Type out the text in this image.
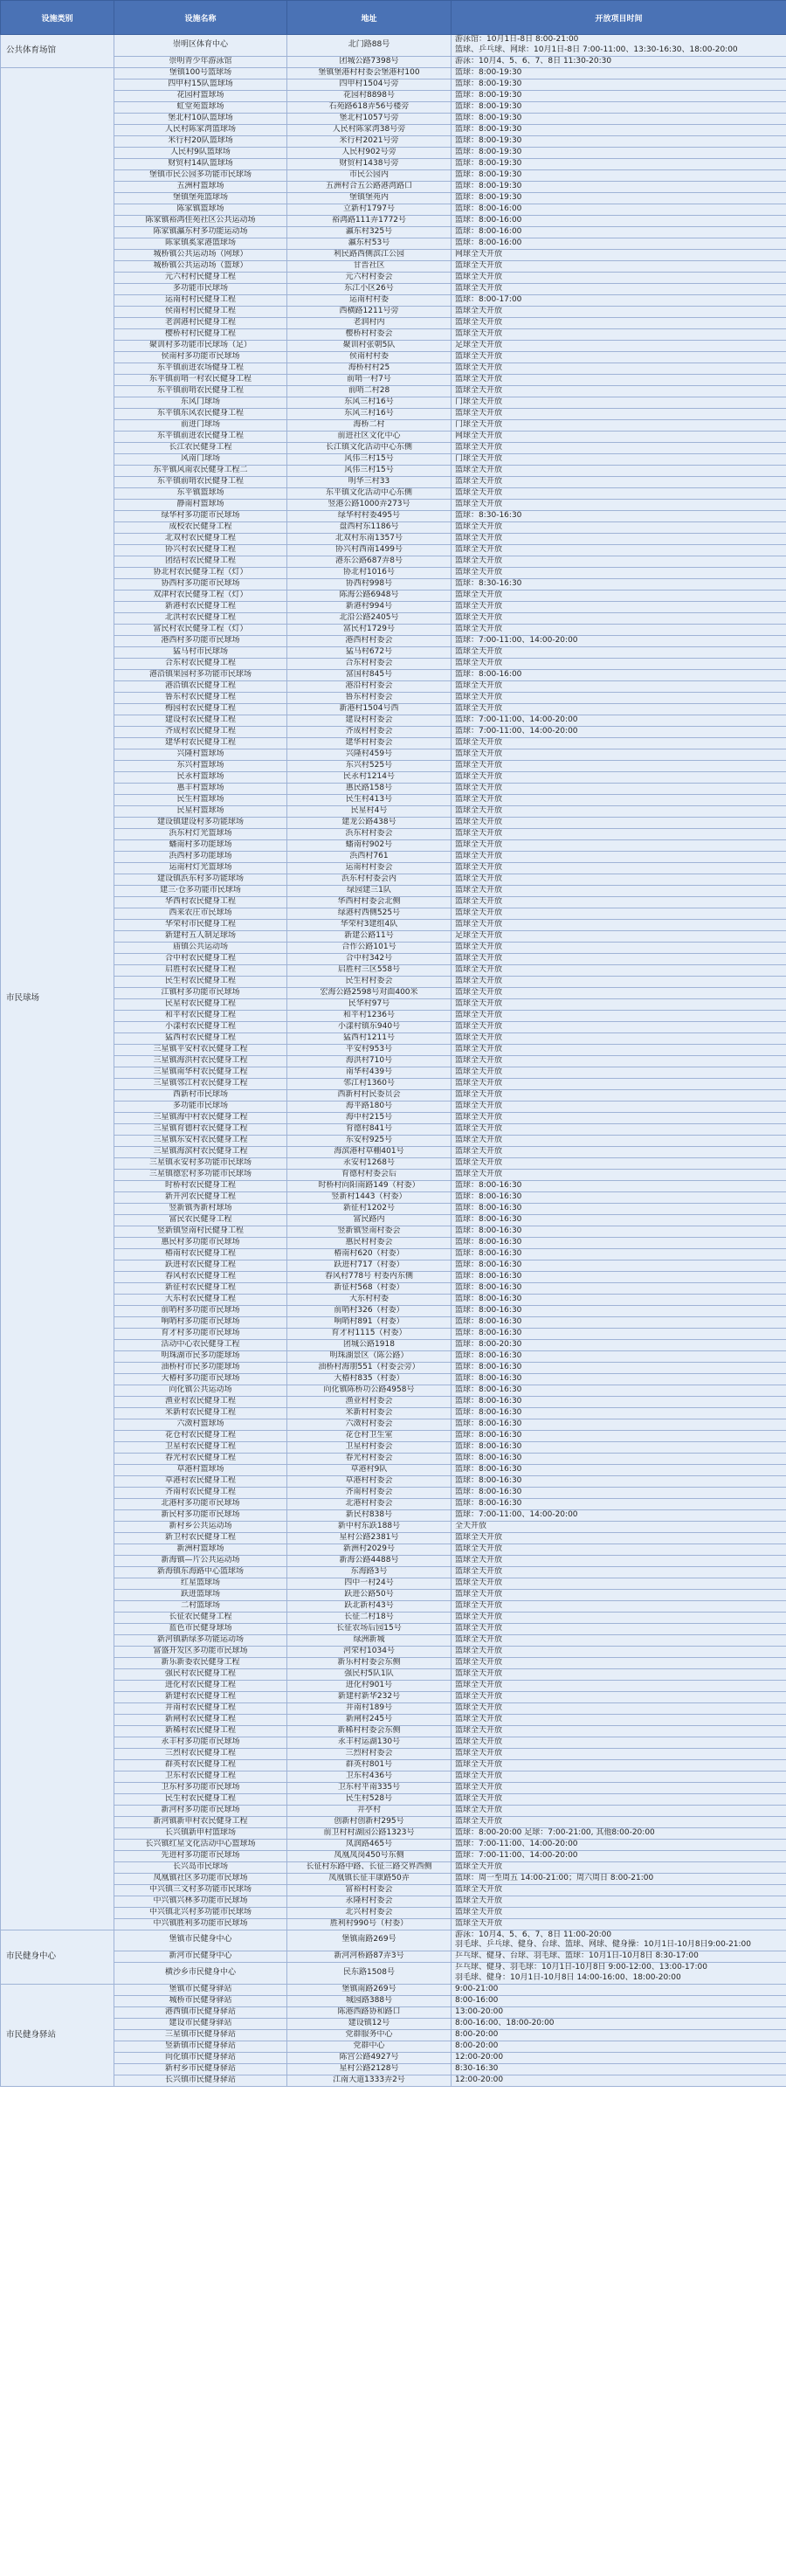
设施类别	设施名称	地址	开放项目时间
公共体育场馆	崇明区体育中心	北门路88号	游泳馆：10月1日-8日 8:00-21:00
篮球、乒乓球、网球：10月1日-8日 7:00-11:00、13:30-16:30、18:00-20:00
	崇明青少年游泳馆	团城公路7398号	游泳：10月4、5、6、7、8日 11:30-20:30
市民球场	堡镇100号篮球场	堡镇堡港村村委会堡港村100	篮球：8:00-19:30
	四甲村15队篮球场	四甲村1504号旁	篮球：8:00-19:30
	花园村篮球场	花园村8898号	篮球：8:00-19:30
	虹堂苑篮球场	石苑路618弄56号楼旁	篮球：8:00-19:30
	堡北村10队篮球场	堡北村1057号旁	篮球：8:00-19:30
	人民村陈家湾篮球场	人民村陈家湾38号旁	篮球：8:00-19:30
	米行村20队篮球场	米行村2021号旁	篮球：8:00-19:30
	人民村9队篮球场	人民村902号旁	篮球：8:00-19:30
	财贸村14队篮球场	财贸村1438号旁	篮球：8:00-19:30
	堡镇市民公园多功能市民球场	市民公园内	篮球：8:00-19:30
	五洲村篮球场	五洲村合五公路港湾路口	篮球：8:00-19:30
	堡镇堡苑篮球场	堡镇堡苑内	篮球：8:00-19:30
	陈家镇篮球场	立新村1797号	篮球：8:00-16:00
	陈家镇裕鸿佳苑社区公共运动场	裕鸿路111弄1772号	篮球：8:00-16:00
	陈家镇瀛东村多功能运动场	瀛东村325号	篮球：8:00-16:00
	陈家镇奚家港篮球场	瀛东村53号	篮球：8:00-16:00
	城桥镇公共运动场（网球）	利民路西侧滨江公园	网球全天开放
	城桥镇公共运动场（篮球）	甘晋社区	篮球全天开放
	元六村村民健身工程	元六村村委会	篮球全天开放
	多功能市民球场	东江小区26号	篮球全天开放
	运南村村民健身工程	运南村村委	篮球：8:00-17:00
	侯南村村民健身工程	西横路1211号旁	篮球全天开放
	老润港村民健身工程	老润村内	篮球全天开放
	樱桥村村民健身工程	樱桥村村委会	篮球全天开放
	聚训村多功能市民球场（足）	聚训村张朝5队	足球全天开放
	侯南村多功能市民球场	侯南村村委	篮球全天开放
	东平镇前进农场健身工程	海桥村村25	篮球全天开放
	东平镇前哨一村农民健身工程	前哨一村7号	篮球全天开放
	东平镇前哨农民健身工程	前哨二村28	篮球全天开放
	东风门球场	东风三村16号	门球全天开放
	东平镇东风农民健身工程	东风三村16号	篮球全天开放
	前进门球场	海桥二村	门球全天开放
	东平镇前进农民健身工程	前进社区文化中心	网球全天开放
	长江农民健身工程	长江镇文化活动中心东侧	篮球全天开放
	风南门球场	风伟三村15号	门球全天开放
	东平镇风南农民健身工程二	风伟三村15号	篮球全天开放
	东平镇前哨农民健身工程	明华三村33	篮球全天开放
	东平镇篮球场	东平镇文化活动中心东侧	篮球全天开放
	静南村篮球场	竖港公路1000弄273号	篮球全天开放
	绿华村多功能市民球场	绿华村村委495号	篮球：8:30-16:30
	成校农民健身工程	盘西村东1186号	篮球全天开放
	北双村农民健身工程	北双村东南1357号	篮球全天开放
	协兴村农民健身工程	协兴村西南1499号	篮球全天开放
	团结村农民健身工程	港东公路687弄8号	篮球全天开放
	协北村农民健身工程（灯）	协北村1016号	篮球全天开放
	协西村多功能市民球场	协西村998号	篮球：8:30-16:30
	双津村农民健身工程（灯）	陈海公路6948号	篮球全天开放
	新港村农民健身工程	新港村994号	篮球全天开放
	北洪村农民健身工程	北沿公路2405号	篮球全天开放
	富民村农民健身工程（灯）	富民村1729号	篮球全天开放
	港西村多功能市民球场	港西村村委会	篮球：7:00-11:00、14:00-20:00
	猛马村市民球场	猛马村672号	篮球全天开放
	合东村农民健身工程	合东村村委会	篮球全天开放
	港沿镇果园村多功能市民球场	富国村845号	篮球：8:00-16:00
	港沿镇农民健身工程	港沿村村委会	篮球全天开放
	鲁东村农民健身工程	鲁东村村委会	篮球全天开放
	梅园村农民健身工程	新港村1504号西	篮球全天开放
	建设村农民健身工程	建设村村委会	篮球：7:00-11:00、14:00-20:00
	齐成村农民健身工程	齐成村村委会	篮球：7:00-11:00、14:00-20:00
	建华村农民健身工程	建华村村委会	篮球全天开放
	兴隆村篮球场	兴隆村459号	篮球全天开放
	东兴村篮球场	东兴村525号	篮球全天开放
	民永村篮球场	民永村1214号	篮球全天开放
	惠丰村篮球场	惠民路158号	篮球全天开放
	民生村篮球场	民生村413号	篮球全天开放
	民星村篮球场	民星村4号	篮球全天开放
	建设镇建设村多功能球场	建龙公路438号	篮球全天开放
	浜东村灯光篮球场	浜东村村委会	篮球全天开放
	蟠南村多功能球场	蟠南村902号	篮球全天开放
	浜西村多功能球场	浜西村761	篮球全天开放
	运南村灯光篮球场	运南村村委会	篮球全天开放
	建设镇浜东村多功能球场	浜东村村委会内	篮球全天开放
	建三·仓多功能市民球场	绿园建三1队	篮球全天开放
	华西村农民健身工程	华西村村委会北侧	篮球全天开放
	西来农庄市民球场	绿港村西侧525号	篮球全天开放
	华荣村市民健身工程	华荣村3建组4队	篮球全天开放
	新建村五人制足球场	新建公路11号	足球全天开放
	庙镇公共运动场	合作公路101号	篮球全天开放
	合中村农民健身工程	合中村342号	篮球全天开放
	启胜村农民健身工程	启胜村三区558号	篮球全天开放
	民生村农民健身工程	民生村村委会	篮球全天开放
	江镇村多功能市民球场	宏海公路2598号对面400米	篮球全天开放
	民星村农民健身工程	民华村97号	篮球全天开放
	和平村农民健身工程	和平村1236号	篮球全天开放
	小漾村农民健身工程	小漾村镇东940号	篮球全天开放
	猛西村农民健身工程	猛西村1211号	篮球全天开放
	三星镇平安村农民健身工程	平安村953号	篮球全天开放
	三星镇海洪村农民健身工程	海洪村710号	篮球全天开放
	三星镇南华村农民健身工程	南华村439号	篮球全天开放
	三星镇邻江村农民健身工程	邻江村1360号	篮球全天开放
	西新村市民球场	西新村村民委员会	篮球全天开放
	多功能市民球场	海平路180号	篮球全天开放
	三星镇海中村农民健身工程	海中村215号	篮球全天开放
	三星镇育德村农民健身工程	育德村841号	篮球全天开放
	三星镇东安村农民健身工程	东安村925号	篮球全天开放
	三星镇海滨村农民健身工程	海滨港村草棚401号	篮球全天开放
	三星镇永安村多功能市民球场	永安村1268号	篮球全天开放
	三星镇德宏村多功能市民球场	育德村村委会后	篮球全天开放
	时桥村农民健身工程	时桥村向阳南路149（村委）	篮球：8:00-16:30
	新开河农民健身工程	竖新村1443（村委）	篮球：8:00-16:30
	竖新镇秀新村球场	新征村1202号	篮球：8:00-16:30
	富民农民健身工程	富民路内	篮球：8:00-16:30
	竖新镇竖南村民健身工程	竖新镇竖南村委会	篮球：8:00-16:30
	惠民村多功能市民球场	惠民村村委会	篮球：8:00-16:30
	椿南村农民健身工程	椿南村620（村委）	篮球：8:00-16:30
	跃进村农民健身工程	跃进村717（村委）	篮球：8:00-16:30
	春风村农民健身工程	春风村778号 村委内东侧	篮球：8:00-16:30
	新征村农民健身工程	新征村568（村委）	篮球：8:00-16:30
	大东村农民健身工程	大东村村委	篮球：8:00-16:30
	前哨村多功能市民球场	前哨村326（村委）	篮球：8:00-16:30
	响哨村多功能市民球场	响哨村891（村委）	篮球：8:00-16:30
	育才村多功能市民球场	育才村1115（村委）	篮球：8:00-16:30
	活动中心农民健身工程	团城公路1918	篮球：8:00-20:30
	明珠湖市民多功能球场	明珠湖景区（陈公路）	篮球：8:00-16:30
	油桥村市民多功能球场	油桥村海朋551（村委会旁）	篮球：8:00-16:30
	大椿村多功能市民球场	大椿村835（村委）	篮球：8:00-16:30
	向化镇公共运动场	向化镇陈桥功公路4958号	篮球：8:00-16:30
	渔业村农民健身工程	渔业村村委会	篮球：8:00-16:30
	米新村农民健身工程	米新村村委会	篮球：8:00-16:30
	六滧村篮球场	六滧村村委会	篮球：8:00-16:30
	花仓村农民健身工程	花仓村卫生室	篮球：8:00-16:30
	卫星村农民健身工程	卫星村村委会	篮球：8:00-16:30
	春光村农民健身工程	春光村村委会	篮球：8:00-16:30
	草港村篮球场	草港村9队	篮球：8:00-16:30
	草港村农民健身工程	草港村村委会	篮球：8:00-16:30
	齐南村农民健身工程	齐南村村委会	篮球：8:00-16:30
	北港村多功能市民球场	北港村村委会	篮球：8:00-16:30
	新民村多功能市民球场	新民村838号	篮球：7:00-11:00、14:00-20:00
	新村乡公共运动场	新中村东跃188号	全天开放
	新卫村农民健身工程	星村公路2381号	篮球全天开放
	新洲村篮球场	新洲村2029号	篮球全天开放
	新海镇—片公共运动场	新海公路4488号	篮球全天开放
	新海镇东海路中心篮球场	东海路3号	篮球全天开放
	红星篮球场	四中一村24号	篮球全天开放
	跃进篮球场	跃进公路50号	篮球全天开放
	二村篮球场	跃北新村43号	篮球全天开放
	长征农民健身工程	长征二村18号	篮球全天开放
	蓝色市民健身球场	长征农场后园15号	篮球全天开放
	新河镇新绿多功能运动场	绿洲新城	篮球全天开放
	富盛开发区多功能市民球场	河荣村1034号	篮球全天开放
	新乐新委农民健身工程	新乐村村委会东侧	篮球全天开放
	强民村农民健身工程	强民村5队1队	篮球全天开放
	进化村农民健身工程	进化村901号	篮球全天开放
	新建村农民健身工程	新建村新华232号	篮球全天开放
	井南村农民健身工程	井南村189号	篮球全天开放
	新闸村农民健身工程	新闸村245号	篮球全天开放
	新稀村农民健身工程	新稀村村委会东侧	篮球全天开放
	永丰村多功能市民球场	永丰村运湖130号	篮球全天开放
	三烈村农民健身工程	三烈村村委会	篮球全天开放
	群英村农民健身工程	群英村801号	篮球全天开放
	卫东村农民健身工程	卫东村436号	篮球全天开放
	卫东村多功能市民球场	卫东村平南335号	篮球全天开放
	民生村农民健身工程	民生村528号	篮球全天开放
	新河村多功能市民球场	井亭村	篮球全天开放
	新河镇新申村农民健身工程	创新村创新村295号	篮球全天开放
	长兴镇新申村篮球场	前卫村村湖园公路1323号	篮球：8:00-20:00 足球：7:00-21:00, 其他8:00-20:00
	长兴镇红星文化活动中心篮球场	凤润路465号	篮球：7:00-11:00、14:00-20:00
	先进村多功能市民球场	凤凰凤岗450号东侧	篮球：7:00-11:00、14:00-20:00
	长兴岛市民球场	长征村东路中路、长征三路交界西侧	篮球全天开放
	凤凰镇社区多功能市民球场	凤凰镇长征丰康路50弄	篮球：周一至周五 14:00-21:00；周六周日 8:00-21:00
	中兴镇三文村多功能市民球场	富裕村村委会	篮球全天开放
	中兴镇兴林多功能市民球场	永隆村村委会	篮球全天开放
	中兴镇北兴村多功能市民球场	北兴村村委会	篮球全天开放
	中兴镇胜利多功能市民球场	胜利村990号（村委）	篮球全天开放
市民健身中心	堡镇市民健身中心	堡镇南路269号	游泳：10月4、5、6、7、8日 11:00-20:00
羽毛球、乒乓球、健身、台球、篮球、网球、健身操：10月1日-10月8日9:00-21:00
	新河市民健身中心	新河河桥路87弄3号	乒乓球、健身、台球、羽毛球、篮球：10月1日-10月8日 8:30-17:00
	横沙乡市民健身中心	民东路1508号	乒乓球、健身、羽毛球：10月1日-10月8日 9:00-12:00、13:00-17:00
羽毛球、健身：10月1日-10月8日 14:00-16:00、18:00-20:00
市民健身驿站	堡镇市民健身驿站	堡镇南路269号	9:00-21:00
	城桥市民健身驿站	城园路388号	8:00-16:00
	港西镇市民健身驿站	陈港西路协和路口	13:00-20:00
	建设市民健身驿站	建设镇12号	8:00-16:00、18:00-20:00
	三星镇市民健身驿站	党群服务中心	8:00-20:00
	竖新镇市民健身驿站	党群中心	8:00-20:00
	向化镇市民健身驿站	陈宫公路4927号	12:00-20:00
	新村乡市民健身驿站	星村公路2128号	8:30-16:30
	长兴镇市民健身驿站	江南大道1333弄2号	12:00-20:00
